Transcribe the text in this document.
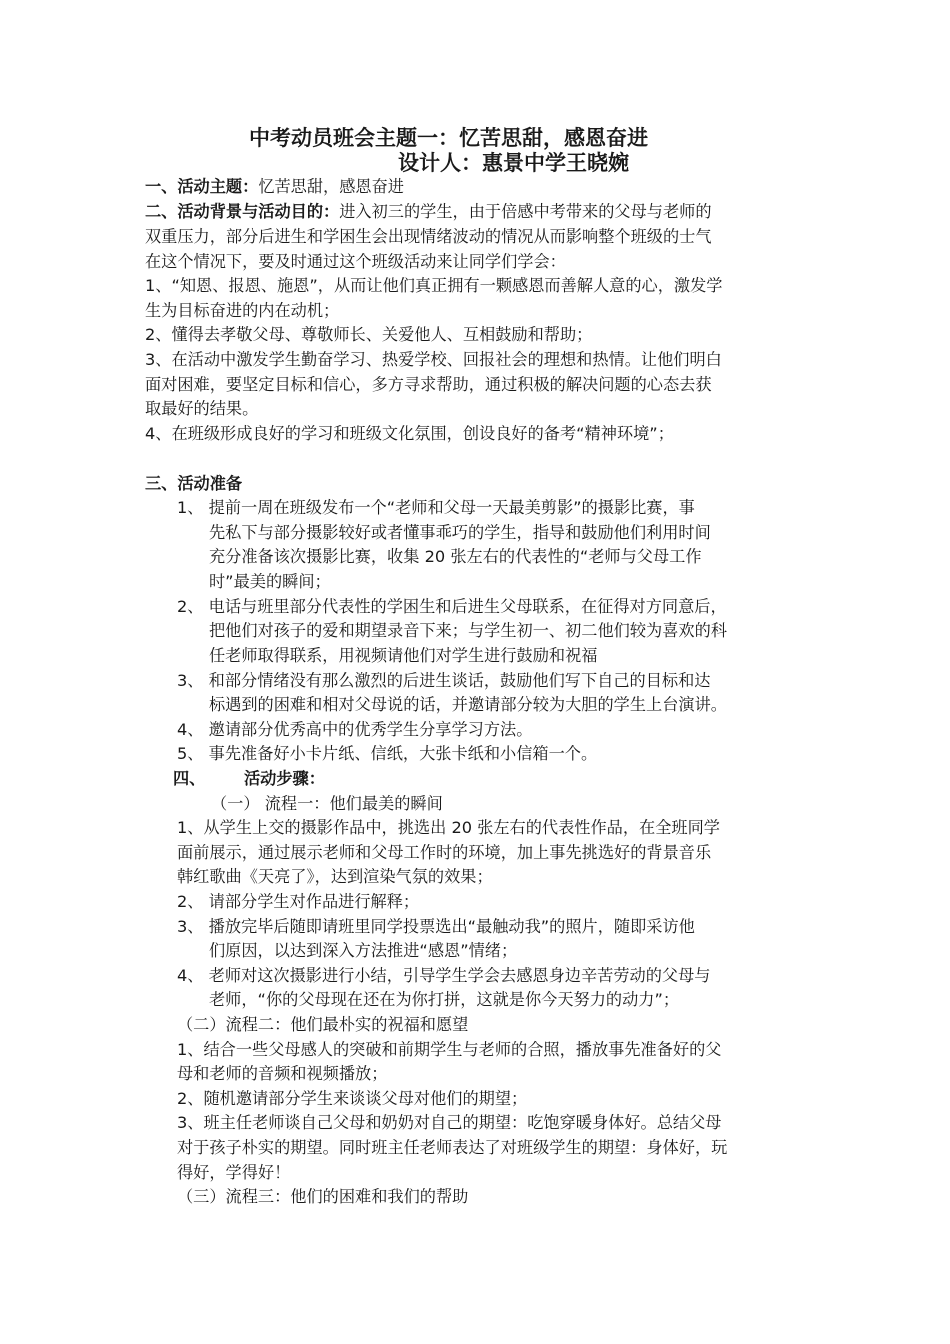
中考动员班会主题一：忆苦思甜，感恩奋进
设计人：惠景中学王晓婉
一、活动主题：忆苦思甜，感恩奋进
二、活动背景与活动目的：进入初三的学生，由于倍感中考带来的父母与老师的
双重压力，部分后进生和学困生会出现情绪波动的情况从而影响整个班级的士气
在这个情况下，要及时通过这个班级活动来让同学们学会：
1、“知恩、报恩、施恩”，从而让他们真正拥有一颗感恩而善解人意的心，激发学
生为目标奋进的内在动机；
2、懂得去孝敬父母、尊敬师长、关爱他人、互相鼓励和帮助；
3、在活动中激发学生勤奋学习、热爱学校、回报社会的理想和热情。让他们明白
面对困难，要坚定目标和信心，多方寻求帮助，通过积极的解决问题的心态去获
取最好的结果。
4、在班级形成良好的学习和班级文化氛围，创设良好的备考“精神环境”；
三、活动准备
1、 提前一周在班级发布一个“老师和父母一天最美剪影”的摄影比赛，事
先私下与部分摄影较好或者懂事乖巧的学生，指导和鼓励他们利用时间
充分准备该次摄影比赛，收集 20 张左右的代表性的“老师与父母工作
时”最美的瞬间；
2、 电话与班里部分代表性的学困生和后进生父母联系，在征得对方同意后，
把他们对孩子的爱和期望录音下来；与学生初一、初二他们较为喜欢的科
任老师取得联系，用视频请他们对学生进行鼓励和祝福
3、 和部分情绪没有那么激烈的后进生谈话，鼓励他们写下自己的目标和达
标遇到的困难和相对父母说的话，并邀请部分较为大胆的学生上台演讲。
4、 邀请部分优秀高中的优秀学生分享学习方法。
5、 事先准备好小卡片纸、信纸，大张卡纸和小信箱一个。
四、 活动步骤：
（一） 流程一：他们最美的瞬间
1、从学生上交的摄影作品中，挑选出 20 张左右的代表性作品，在全班同学
面前展示，通过展示老师和父母工作时的环境，加上事先挑选好的背景音乐
韩红歌曲《天亮了》，达到渲染气氛的效果；
2、 请部分学生对作品进行解释；
3、 播放完毕后随即请班里同学投票选出“最触动我”的照片，随即采访他
们原因，以达到深入方法推进“感恩”情绪；
4、 老师对这次摄影进行小结，引导学生学会去感恩身边辛苦劳动的父母与
老师，“你的父母现在还在为你打拼，这就是你今天努力的动力”；
（二）流程二：他们最朴实的祝福和愿望
1、结合一些父母感人的突破和前期学生与老师的合照，播放事先准备好的父
母和老师的音频和视频播放；
2、随机邀请部分学生来谈谈父母对他们的期望；
3、班主任老师谈自己父母和奶奶对自己的期望：吃饱穿暖身体好。总结父母
对于孩子朴实的期望。同时班主任老师表达了对班级学生的期望：身体好，玩
得好，学得好！
（三）流程三：他们的困难和我们的帮助
